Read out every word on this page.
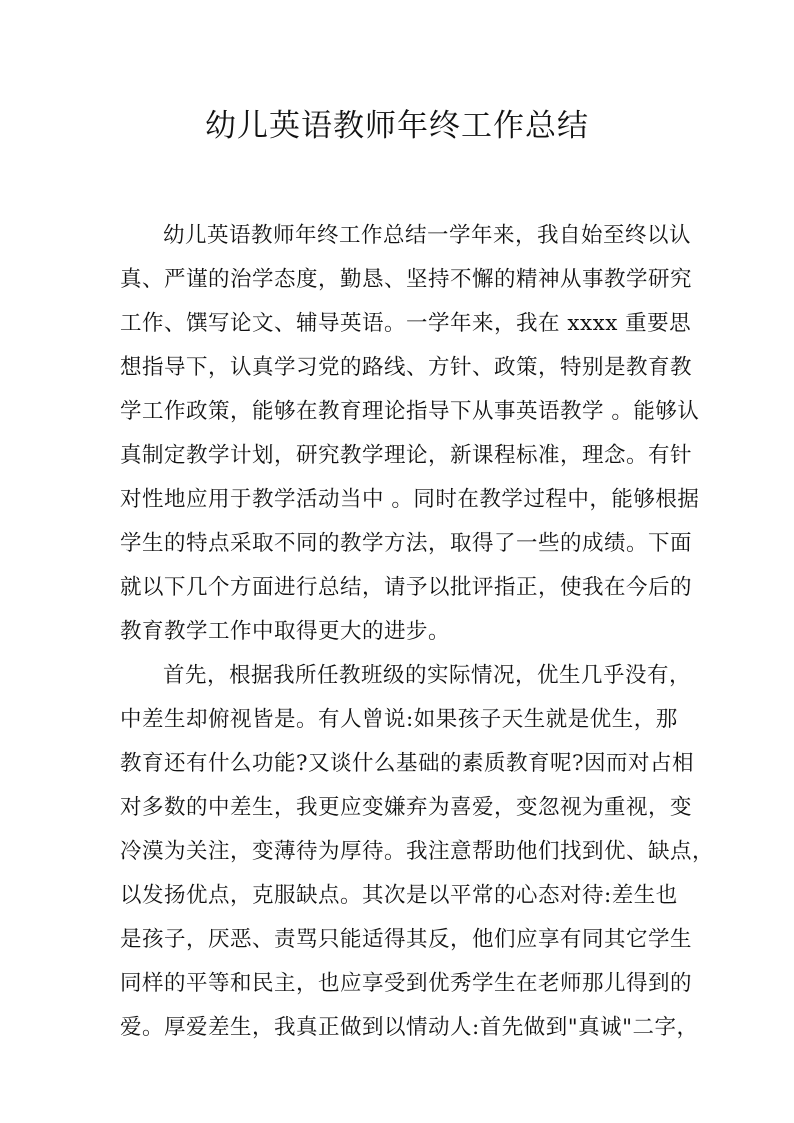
幼儿英语教师年终工作总结
幼儿英语教师年终工作总结一学年来，我自始至终以认
真、严谨的治学态度，勤恳、坚持不懈的精神从事教学研究
工作、馔写论文、辅导英语。一学年来，我在 xxxx 重要思
想指导下，认真学习党的路线、方针、政策，特别是教育教
学工作政策，能够在教育理论指导下从事英语教学 。能够认
真制定教学计划，研究教学理论，新课程标准，理念。有针
对性地应用于教学活动当中 。同时在教学过程中，能够根据
学生的特点采取不同的教学方法，取得了一些的成绩。下面
就以下几个方面进行总结，请予以批评指正，使我在今后的
教育教学工作中取得更大的进步。
首先，根据我所任教班级的实际情况，优生几乎没有，
中差生却俯视皆是。有人曾说:如果孩子天生就是优生，那
教育还有什么功能?又谈什么基础的素质教育呢?因而对占相
对多数的中差生，我更应变嫌弃为喜爱，变忽视为重视，变
冷漠为关注，变薄待为厚待。我注意帮助他们找到优、缺点，
以发扬优点，克服缺点。其次是以平常的心态对待:差生也
是孩子，厌恶、责骂只能适得其反，他们应享有同其它学生
同样的平等和民主，也应享受到优秀学生在老师那儿得到的
爱。厚爱差生，我真正做到以情动人:首先做到"真诚"二字，
